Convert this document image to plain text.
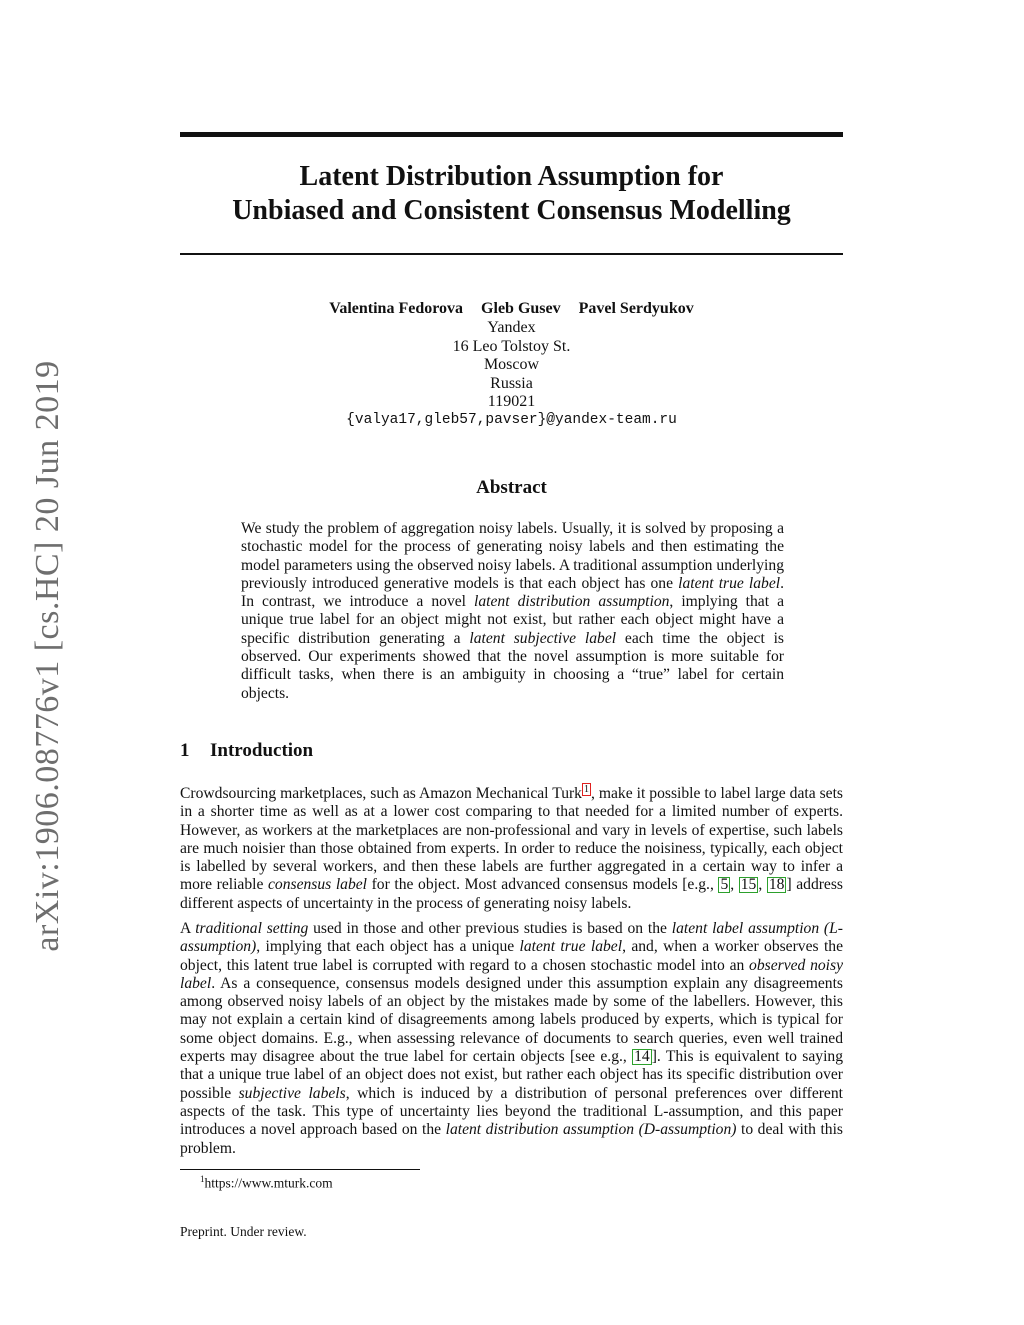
arXiv:1906.08776v1 [cs.HC] 20 Jun 2019
Latent Distribution Assumption for
Unbiased and Consistent Consensus Modelling
Valentina Fedorova Gleb Gusev Pavel Serdyukov
Yandex
16 Leo Tolstoy St.
Moscow
Russia
119021
{valya17,gleb57,pavser}@yandex-team.ru
Abstract
We study the problem of aggregation noisy labels. Usually, it is solved by proposing a stochastic model for the process of generating noisy labels and then estimating the model parameters using the observed noisy labels. A traditional assumption underlying previously introduced generative models is that each object has one latent true label. In contrast, we introduce a novel latent distribution assumption, implying that a unique true label for an object might not exist, but rather each object might have a specific distribution generating a latent subjective label each time the object is observed. Our experiments showed that the novel assumption is more suitable for difficult tasks, when there is an ambiguity in choosing a “true” label for certain objects.
1 Introduction
Crowdsourcing marketplaces, such as Amazon Mechanical Turk 1 , make it possible to label large data sets in a shorter time as well as at a lower cost comparing to that needed for a limited number of experts. However, as workers at the marketplaces are non-professional and vary in levels of expertise, such labels are much noisier than those obtained from experts. In order to reduce the noisiness, typically, each object is labelled by several workers, and then these labels are further aggregated in a certain way to infer a more reliable consensus label for the object. Most advanced consensus models [e.g., 5 , 15 , 18 ] address different aspects of uncertainty in the process of generating noisy labels.
A traditional setting used in those and other previous studies is based on the latent label assumption (L-assumption), implying that each object has a unique latent true label, and, when a worker observes the object, this latent true label is corrupted with regard to a chosen stochastic model into an observed noisy label. As a consequence, consensus models designed under this assumption explain any disagreements among observed noisy labels of an object by the mistakes made by some of the labellers. However, this may not explain a certain kind of disagreements among labels produced by experts, which is typical for some object domains. E.g., when assessing relevance of documents to search queries, even well trained experts may disagree about the true label for certain objects [see e.g., 14 ]. This is equivalent to saying that a unique true label of an object does not exist, but rather each object has its specific distribution over possible subjective labels, which is induced by a distribution of personal preferences over different aspects of the task. This type of uncertainty lies beyond the traditional L-assumption, and this paper introduces a novel approach based on the latent distribution assumption (D-assumption) to deal with this problem.
$^1$https://www.mturk.com
Preprint. Under review.
